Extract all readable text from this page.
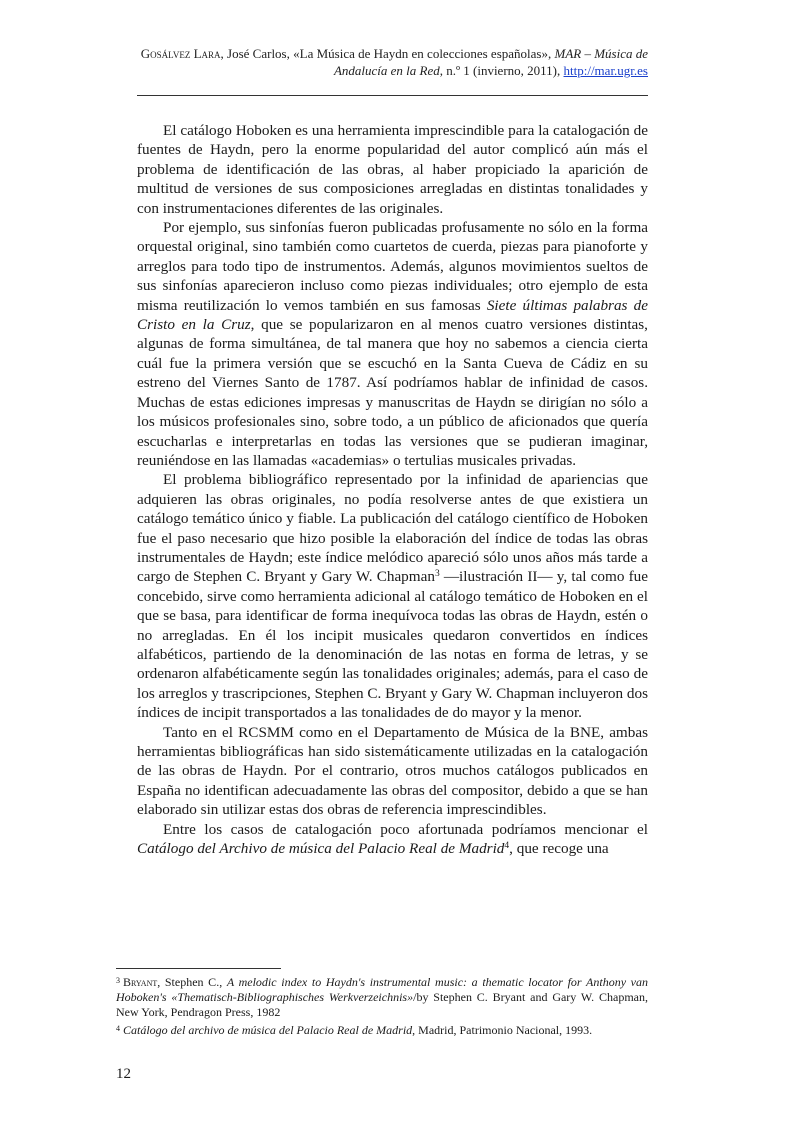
Gosálvez Lara, José Carlos, «La Música de Haydn en colecciones españolas», MAR – Música de Andalucía en la Red, n.º 1 (invierno, 2011), http://mar.ugr.es

El catálogo Hoboken es una herramienta imprescindible para la catalogación de fuentes de Haydn, pero la enorme popularidad del autor complicó aún más el problema de identificación de las obras, al haber propiciado la aparición de multitud de versiones de sus composiciones arregladas en distintas tonalidades y con instrumentaciones diferentes de las originales.

Por ejemplo, sus sinfonías fueron publicadas profusamente no sólo en la forma orquestal original, sino también como cuartetos de cuerda, piezas para pianoforte y arreglos para todo tipo de instrumentos. Además, algunos movimientos sueltos de sus sinfonías aparecieron incluso como piezas individuales; otro ejemplo de esta misma reutilización lo vemos también en sus famosas Siete últimas palabras de Cristo en la Cruz, que se popularizaron en al menos cuatro versiones distintas, algunas de forma simultánea, de tal manera que hoy no sabemos a ciencia cierta cuál fue la primera versión que se escuchó en la Santa Cueva de Cádiz en su estreno del Viernes Santo de 1787. Así podríamos hablar de infinidad de casos. Muchas de estas ediciones impresas y manuscritas de Haydn se dirigían no sólo a los músicos profesionales sino, sobre todo, a un público de aficionados que quería escucharlas e interpretarlas en todas las versiones que se pudieran imaginar, reuniéndose en las llamadas «academias» o tertulias musicales privadas.

El problema bibliográfico representado por la infinidad de apariencias que adquieren las obras originales, no podía resolverse antes de que existiera un catálogo temático único y fiable. La publicación del catálogo científico de Hoboken fue el paso necesario que hizo posible la elaboración del índice de todas las obras instrumentales de Haydn; este índice melódico apareció sólo unos años más tarde a cargo de Stephen C. Bryant y Gary W. Chapman$^3$ —ilustración II— y, tal como fue concebido, sirve como herramienta adicional al catálogo temático de Hoboken en el que se basa, para identificar de forma inequívoca todas las obras de Haydn, estén o no arregladas. En él los incipit musicales quedaron convertidos en índices alfabéticos, partiendo de la denominación de las notas en forma de letras, y se ordenaron alfabéticamente según las tonalidades originales; además, para el caso de los arreglos y trascripciones, Stephen C. Bryant y Gary W. Chapman incluyeron dos índices de incipit transportados a las tonalidades de do mayor y la menor.

Tanto en el RCSMM como en el Departamento de Música de la BNE, ambas herramientas bibliográficas han sido sistemáticamente utilizadas en la catalogación de las obras de Haydn. Por el contrario, otros muchos catálogos publicados en España no identifican adecuadamente las obras del compositor, debido a que se han elaborado sin utilizar estas dos obras de referencia imprescindibles.

Entre los casos de catalogación poco afortunada podríamos mencionar el Catálogo del Archivo de música del Palacio Real de Madrid$^4$, que recoge una

$^3$ Bryant, Stephen C., A melodic index to Haydn's instrumental music: a thematic locator for Anthony van Hoboken's «Thematisch-Bibliographisches Werkverzeichnis»/by Stephen C. Bryant and Gary W. Chapman, New York, Pendragon Press, 1982

$^4$ Catálogo del archivo de música del Palacio Real de Madrid, Madrid, Patrimonio Nacional, 1993.

12
